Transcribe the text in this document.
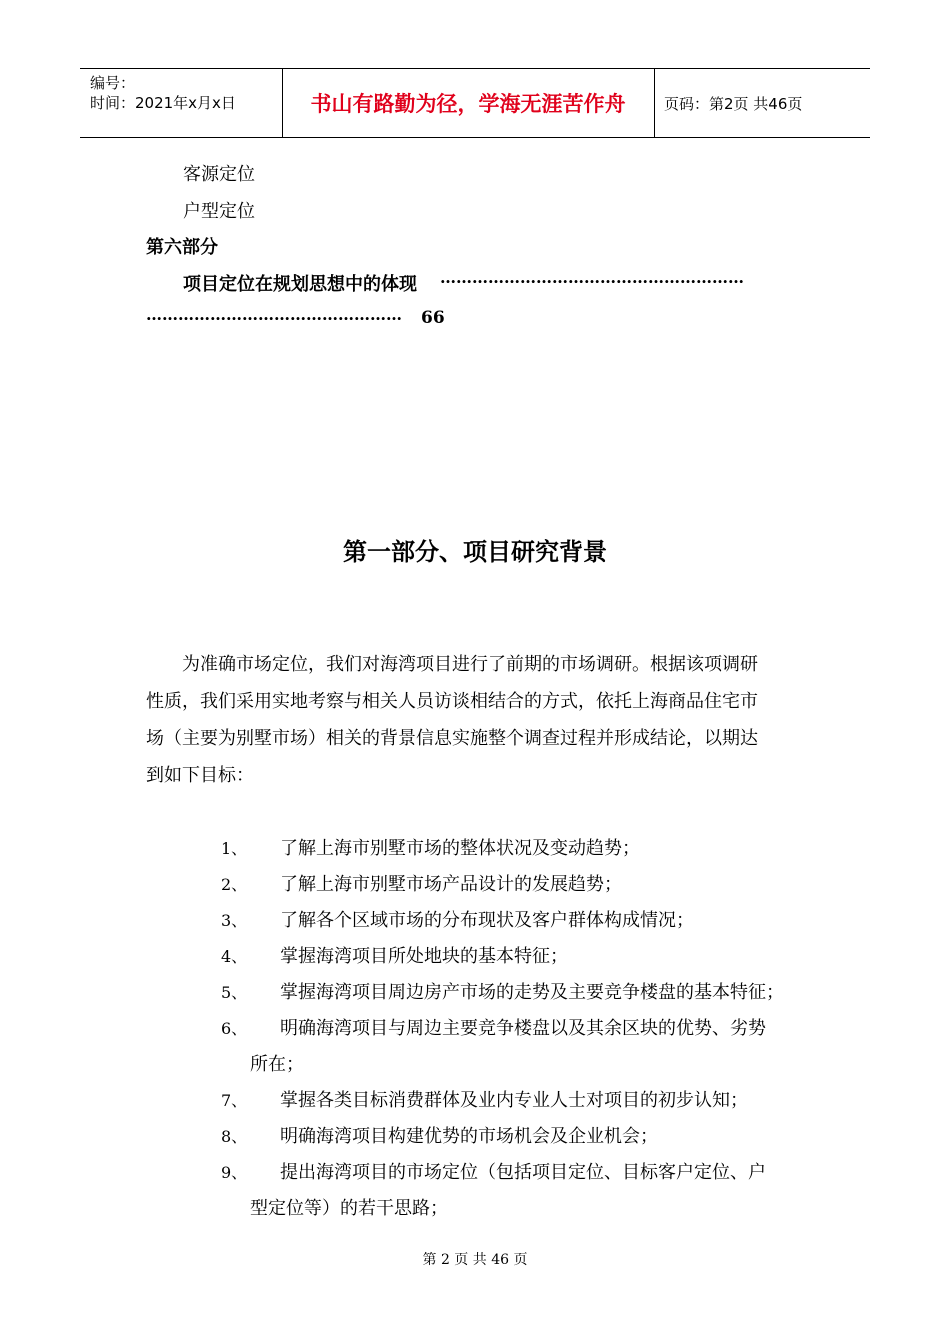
编号：
时间：2021年x月x日	书山有路勤为径，学海无涯苦作舟	页码：第2页 共46页
客源定位
户型定位
第六部分
项目定位在规划思想中的体现 …………………………………………………
………………………………………… 66
第一部分、项目研究背景
为准确市场定位，我们对海湾项目进行了前期的市场调研。根据该项调研
性质，我们采用实地考察与相关人员访谈相结合的方式，依托上海商品住宅市
场（主要为别墅市场）相关的背景信息实施整个调查过程并形成结论，以期达
到如下目标：
1、 了解上海市别墅市场的整体状况及变动趋势；
2、 了解上海市别墅市场产品设计的发展趋势；
3、 了解各个区域市场的分布现状及客户群体构成情况；
4、 掌握海湾项目所处地块的基本特征；
5、 掌握海湾项目周边房产市场的走势及主要竞争楼盘的基本特征；
6、 明确海湾项目与周边主要竞争楼盘以及其余区块的优势、劣势
所在；
7、 掌握各类目标消费群体及业内专业人士对项目的初步认知；
8、 明确海湾项目构建优势的市场机会及企业机会；
9、 提出海湾项目的市场定位（包括项目定位、目标客户定位、户
型定位等）的若干思路；
第 2 页 共 46 页
